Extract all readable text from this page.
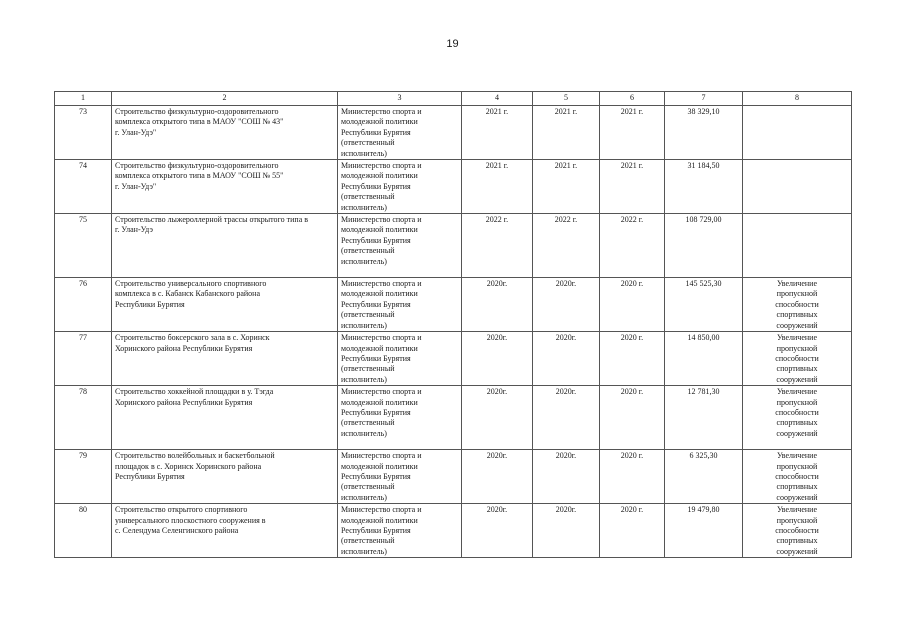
19
1	2	3	4	5	6	7	8
73	Строительство физкультурно-оздоровительного
комплекса открытого типа в МАОУ "СОШ № 43"
г. Улан-Удэ"	Министерство спорта и
молодежной политики
Республики Бурятия
(ответственный
исполнитель)	2021 г.	2021 г.	2021 г.	38 329,10	

74	Строительство физкультурно-оздоровительного
комплекса открытого типа в МАОУ "СОШ № 55"
г. Улан-Удэ"	Министерство спорта и
молодежной политики
Республики Бурятия
(ответственный
исполнитель)	2021 г.	2021 г.	2021 г.	31 184,50	

75	Строительство лыжероллерной трассы открытого типа в
г. Улан-Удэ	Министерство спорта и
молодежной политики
Республики Бурятия
(ответственный
исполнитель)	2022 г.	2022 г.	2022 г.	108 729,00	

76	Строительство универсального спортивного
комплекса в с. Кабанск Кабанского района
Республики Бурятия	Министерство спорта и
молодежной политики
Республики Бурятия
(ответственный
исполнитель)	2020г.	2020г.	2020 г.	145 525,30	Увеличение
пропускной
способности
спортивных
сооружений

77	Строительство боксерского зала в с. Хоринск
Хоринского района Республики Бурятия	Министерство спорта и
молодежной политики
Республики Бурятия
(ответственный
исполнитель)	2020г.	2020г.	2020 г.	14 850,00	Увеличение
пропускной
способности
спортивных
сооружений

78	Строительство хоккейной площадки в у. Тэгда
Хоринского района Республики Бурятия	Министерство спорта и
молодежной политики
Республики Бурятия
(ответственный
исполнитель)	2020г.	2020г.	2020 г.	12 781,30	Увеличение
пропускной
способности
спортивных
сооружений

79	Строительство волейбольных и баскетбольной
площадок в с. Хоринск Хоринского района
Республики Бурятия	Министерство спорта и
молодежной политики
Республики Бурятия
(ответственный
исполнитель)	2020г.	2020г.	2020 г.	6 325,30	Увеличение
пропускной
способности
спортивных
сооружений

80	Строительство открытого спортивного
универсального плоскостного сооружения в
с. Селендума Селенгинского района	Министерство спорта и
молодежной политики
Республики Бурятия
(ответственный
исполнитель)	2020г.	2020г.	2020 г.	19 479,80	Увеличение
пропускной
способности
спортивных
сооружений
